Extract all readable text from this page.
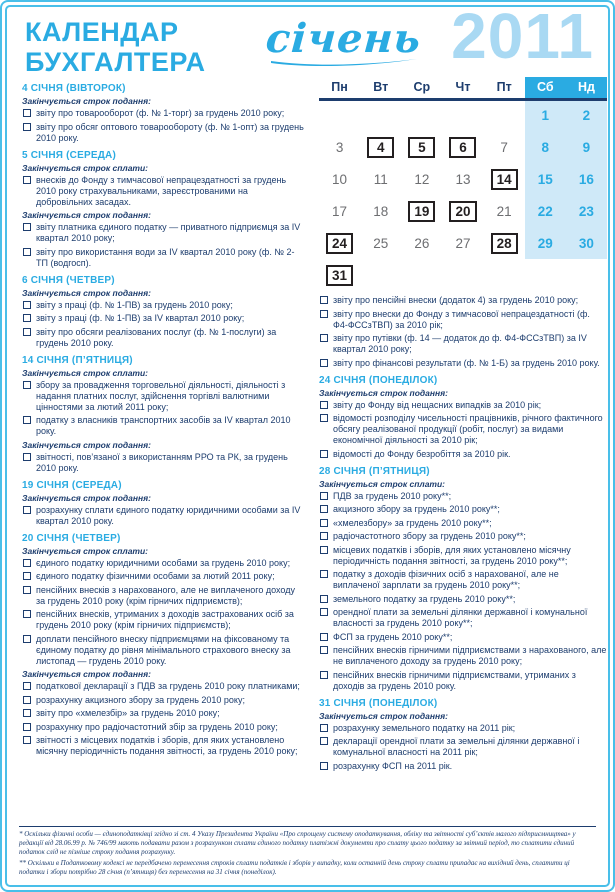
КАЛЕНДАР
БУХГАЛТЕРА
січень 2011
Пн	Вт	Ср	Чт	Пт	Сб	Нд
					1	2
3	4	5	6	7	8	9
10	11	12	13	14	15	16
17	18	19	20	21	22	23
24	25	26	27	28	29	30
31						
4 СІЧНЯ (ВІВТОРОК)
Закінчується строк подання:
звіту про товарооборот (ф. № 1-торг) за грудень 2010 року;
звіту про обсяг оптового товарообороту (ф. № 1-опт) за грудень 2010 року.
5 СІЧНЯ (СЕРЕДА)
Закінчується строк сплати:
внесків до Фонду з тимчасової непрацездатності за грудень 2010 року страхувальниками, зареєстрованими на добровільних засадах.
Закінчується строк подання:
звіту платника єдиного податку — приватного підприємця за IV квартал 2010 року;
звіту про використання води за IV квартал 2010 року (ф. № 2-ТП (водгосп).
6 СІЧНЯ (ЧЕТВЕР)
Закінчується строк подання:
звіту з праці (ф. № 1-ПВ) за грудень 2010 року;
звіту з праці (ф. № 1-ПВ) за IV квартал 2010 року;
звіту про обсяги реалізованих послуг (ф. № 1-послуги) за грудень 2010 року.
14 СІЧНЯ (П’ЯТНИЦЯ)
Закінчується строк сплати:
збору за провадження торговельної діяльності, діяльності з надання платних послуг, здійснення торгівлі валютними цінностями за лютий 2011 року;
податку з власників транспортних засобів за IV квартал 2010 року.
Закінчується строк подання:
звітності, пов’язаної з використанням РРО та РК, за грудень 2010 року.
19 СІЧНЯ (СЕРЕДА)
Закінчується строк подання:
розрахунку сплати єдиного податку юридичними особами за IV квартал 2010 року.
20 СІЧНЯ (ЧЕТВЕР)
Закінчується строк сплати:
єдиного податку юридичними особами за грудень 2010 року;
єдиного податку фізичними особами за лютий 2011 року;
пенсійних внесків з нарахованого, але не виплаченого доходу за грудень 2010 року (крім гірничих підприємств);
пенсійних внесків, утриманих з доходів застрахованих осіб за грудень 2010 року (крім гірничих підприємств);
доплати пенсійного внеску підприємцями на фіксованому та єдиному податку до рівня мінімального страхового внеску за листопад — грудень 2010 року.
Закінчується строк подання:
податкової декларації з ПДВ за грудень 2010 року платниками;
розрахунку акцизного збору за грудень 2010 року;
звіту про «хмелезбір» за грудень 2010 року;
розрахунку про радіочастотний збір за грудень 2010 року;
звітності з місцевих податків і зборів, для яких установлено місячну періодичність подання звітності, за грудень 2010 року;
звіту про пенсійні внески (додаток 4) за грудень 2010 року;
звіту про внески до Фонду з тимчасової непрацездатності (ф. Ф4-ФССзТВП) за 2010 рік;
звіту про путівки (ф. 14 — додаток до ф. Ф4-ФССзТВП) за IV квартал 2010 року;
звіту про фінансові результати (ф. № 1-Б) за грудень 2010 року.
24 СІЧНЯ (ПОНЕДІЛОК)
Закінчується строк подання:
звіту до Фонду від нещасних випадків за 2010 рік;
відомості розподілу чисельності працівників, річного фактичного обсягу реалізованої продукції (робіт, послуг) за видами економічної діяльності за 2010 рік;
відомості до Фонду безробіття за 2010 рік.
28 СІЧНЯ (П’ЯТНИЦЯ)
Закінчується строк сплати:
ПДВ за грудень 2010 року**;
акцизного збору за грудень 2010 року**;
«хмелезбору» за грудень 2010 року**;
радіочастотного збору за грудень 2010 року**;
місцевих податків і зборів, для яких установлено місячну періодичність подання звітності, за грудень 2010 року**;
податку з доходів фізичних осіб з нарахованої, але не виплаченої зарплати за грудень 2010 року**;
земельного податку за грудень 2010 року**;
орендної плати за земельні ділянки державної і комунальної власності за грудень 2010 року**;
ФСП за грудень 2010 року**;
пенсійних внесків гірничими підприємствами з нарахованого, але не виплаченого доходу за грудень 2010 року;
пенсійних внесків гірничими підприємствами, утриманих з доходів за грудень 2010 року.
31 СІЧНЯ (ПОНЕДІЛОК)
Закінчується строк подання:
розрахунку земельного податку на 2011 рік;
декларації орендної плати за земельні ділянки державної і комунальної власності на 2011 рік;
розрахунку ФСП на 2011 рік.
* Оскільки фізичні особи — єдиноподатківці згідно зі ст. 4 Указу Президента України «Про спрощену систему оподаткування, обліку та звітності суб’єктів малого підприємництва» у редакції від 28.06.99 р. № 746/99 мають подавати разом з розрахунком сплати єдиного податку платіжні документи про сплату цього податку за звітний період, то сплатити єдиний податок слід не пізніше строку подання розрахунку.
** Оскільки в Податковому кодексі не передбачено перенесення строків сплати податків і зборів у випадку, коли останній день строку сплати припадає на вихідний день, сплатити ці податки і збори потрібно 28 січня (п’ятниця) без перенесення на 31 січня (понеділок).
